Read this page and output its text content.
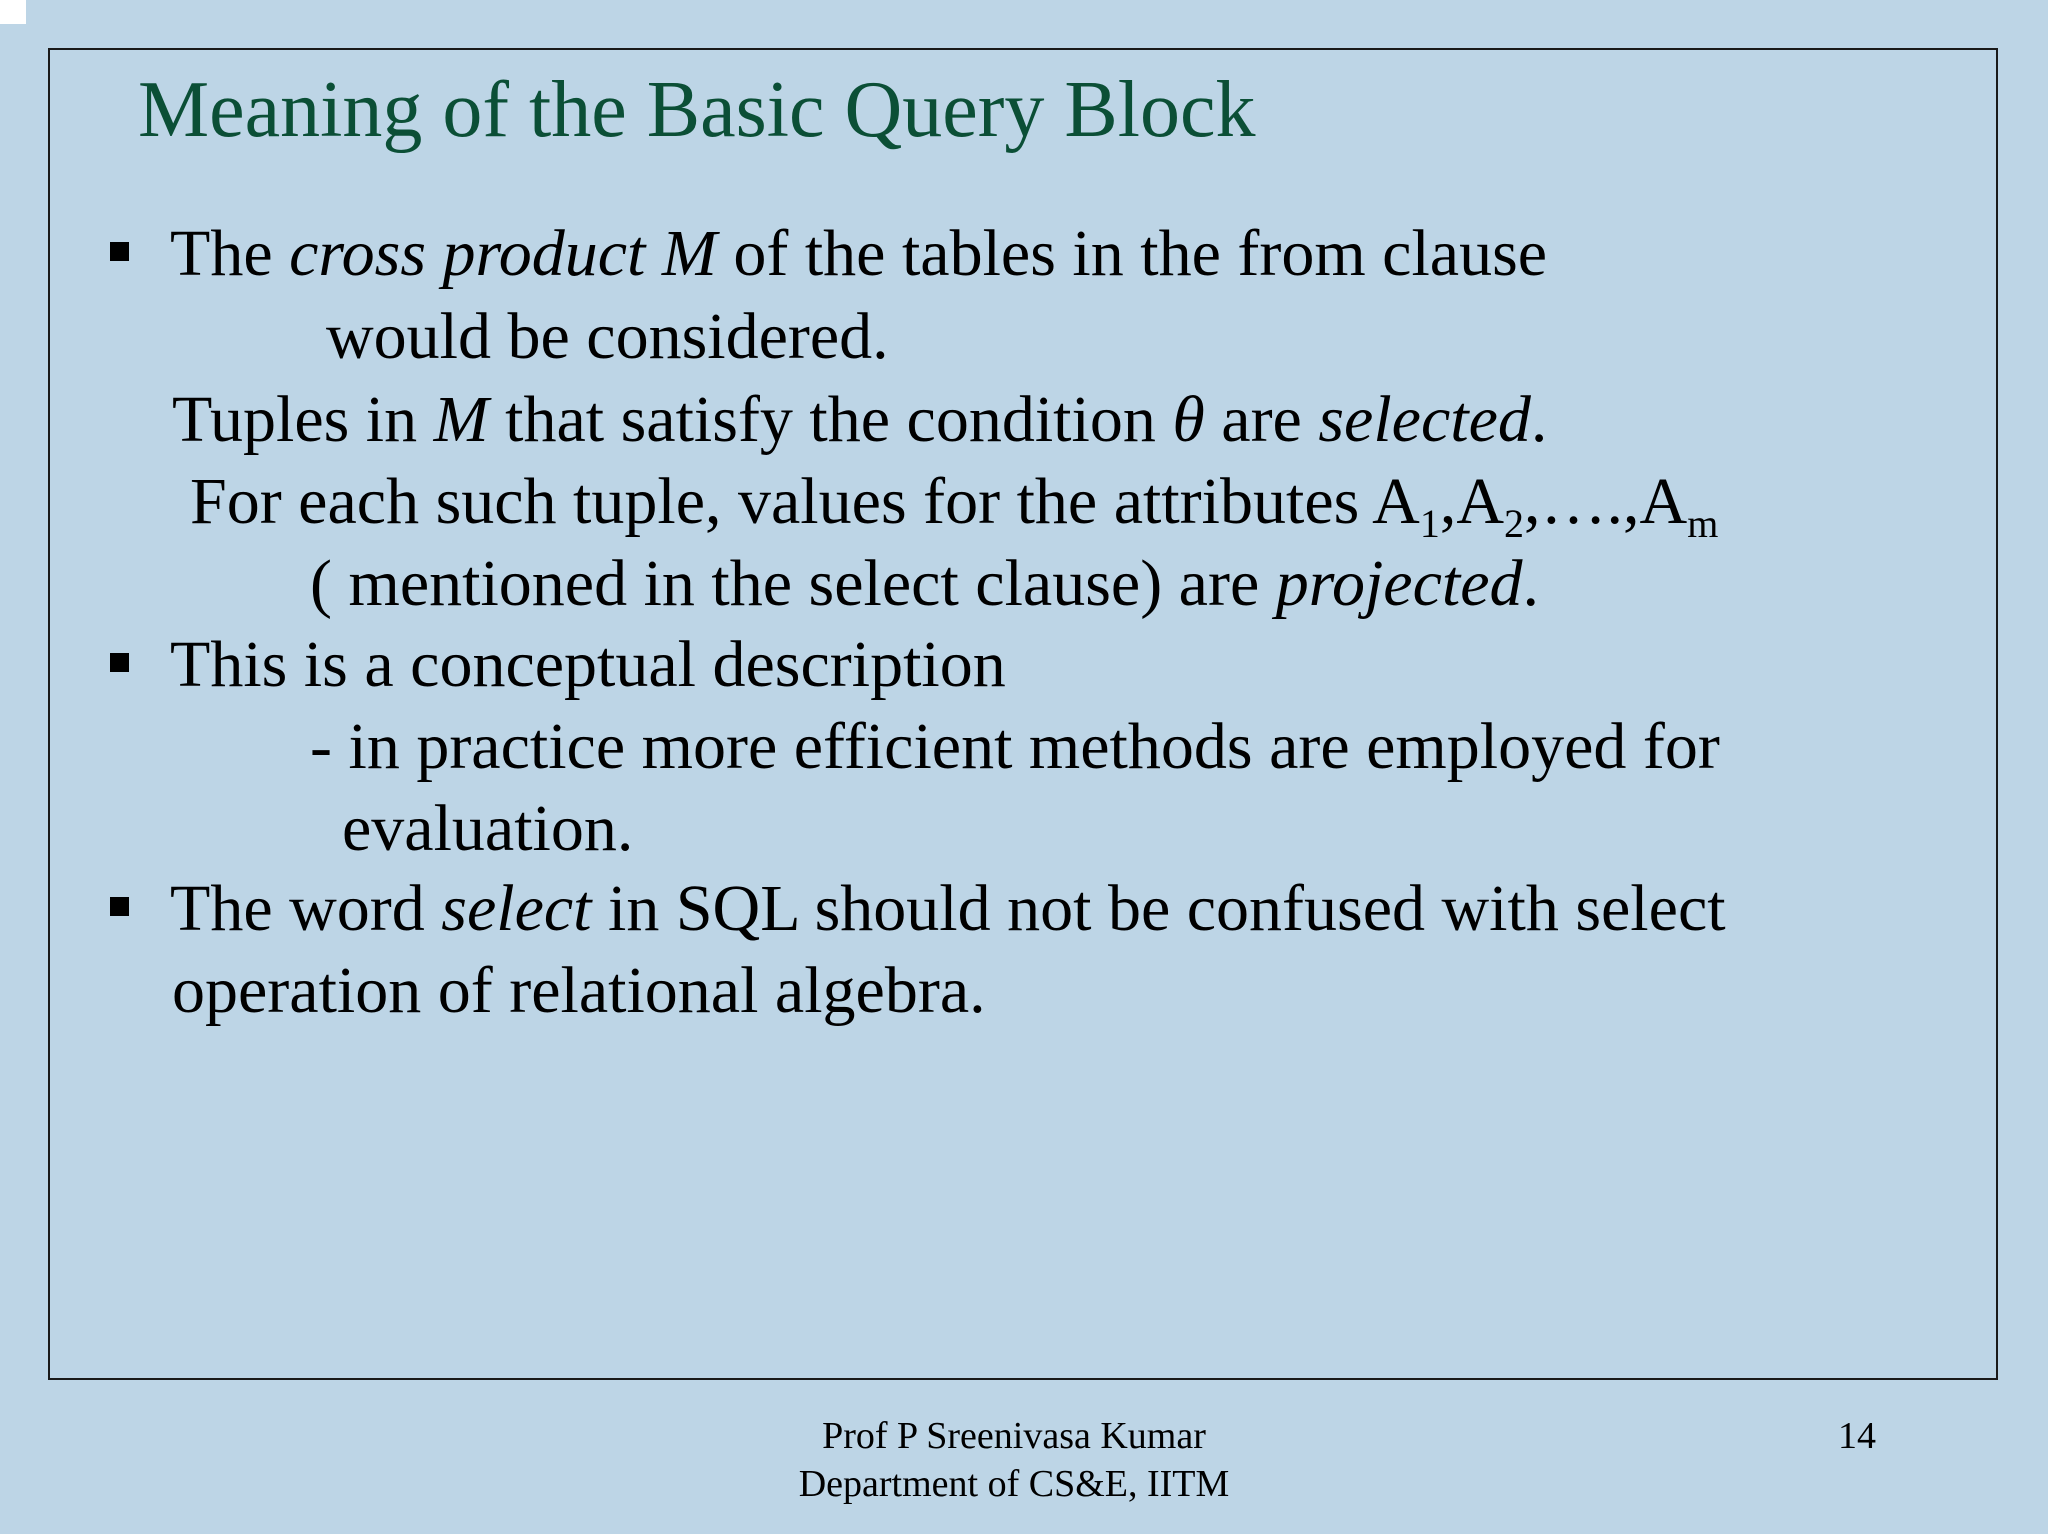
Meaning of the Basic Query Block

The cross product M of the tables in the from clause

would be considered.

Tuples in M that satisfy the condition θ are selected.

For each such tuple, values for the attributes $A_1,A_2,\dots.,A_m$

( mentioned in the select clause) are projected.

This is a conceptual description

- in practice more efficient methods are employed for

evaluation.

The word select in SQL should not be confused with select

operation of relational algebra.

Prof P Sreenivasa Kumar

Department of CS&E, IITM

14
